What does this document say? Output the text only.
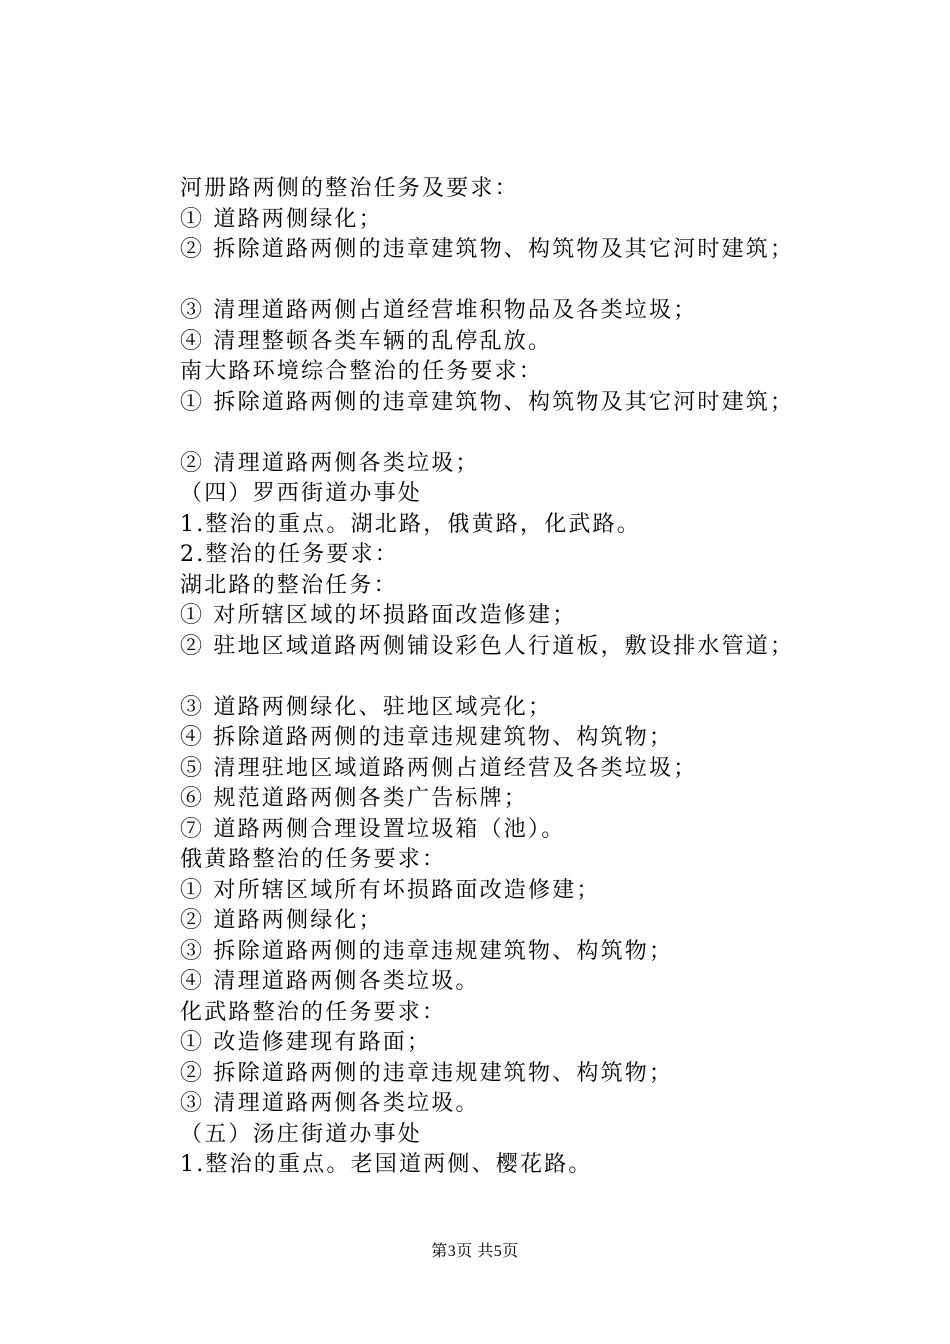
河册路两侧的整治任务及要求：
① 道路两侧绿化；
② 拆除道路两侧的违章建筑物、构筑物及其它河时建筑；
③ 清理道路两侧占道经营堆积物品及各类垃圾；
④ 清理整顿各类车辆的乱停乱放。
南大路环境综合整治的任务要求：
① 拆除道路两侧的违章建筑物、构筑物及其它河时建筑；
② 清理道路两侧各类垃圾；
（四）罗西街道办事处
1.整治的重点。湖北路，俄黄路，化武路。
2.整治的任务要求：
湖北路的整治任务：
① 对所辖区域的坏损路面改造修建；
② 驻地区域道路两侧铺设彩色人行道板，敷设排水管道；
③ 道路两侧绿化、驻地区域亮化；
④ 拆除道路两侧的违章违规建筑物、构筑物；
⑤ 清理驻地区域道路两侧占道经营及各类垃圾；
⑥ 规范道路两侧各类广告标牌；
⑦ 道路两侧合理设置垃圾箱（池）。
俄黄路整治的任务要求：
① 对所辖区域所有坏损路面改造修建；
② 道路两侧绿化；
③ 拆除道路两侧的违章违规建筑物、构筑物；
④ 清理道路两侧各类垃圾。
化武路整治的任务要求：
① 改造修建现有路面；
② 拆除道路两侧的违章违规建筑物、构筑物；
③ 清理道路两侧各类垃圾。
（五）汤庄街道办事处
1.整治的重点。老国道两侧、樱花路。
第3页 共5页
